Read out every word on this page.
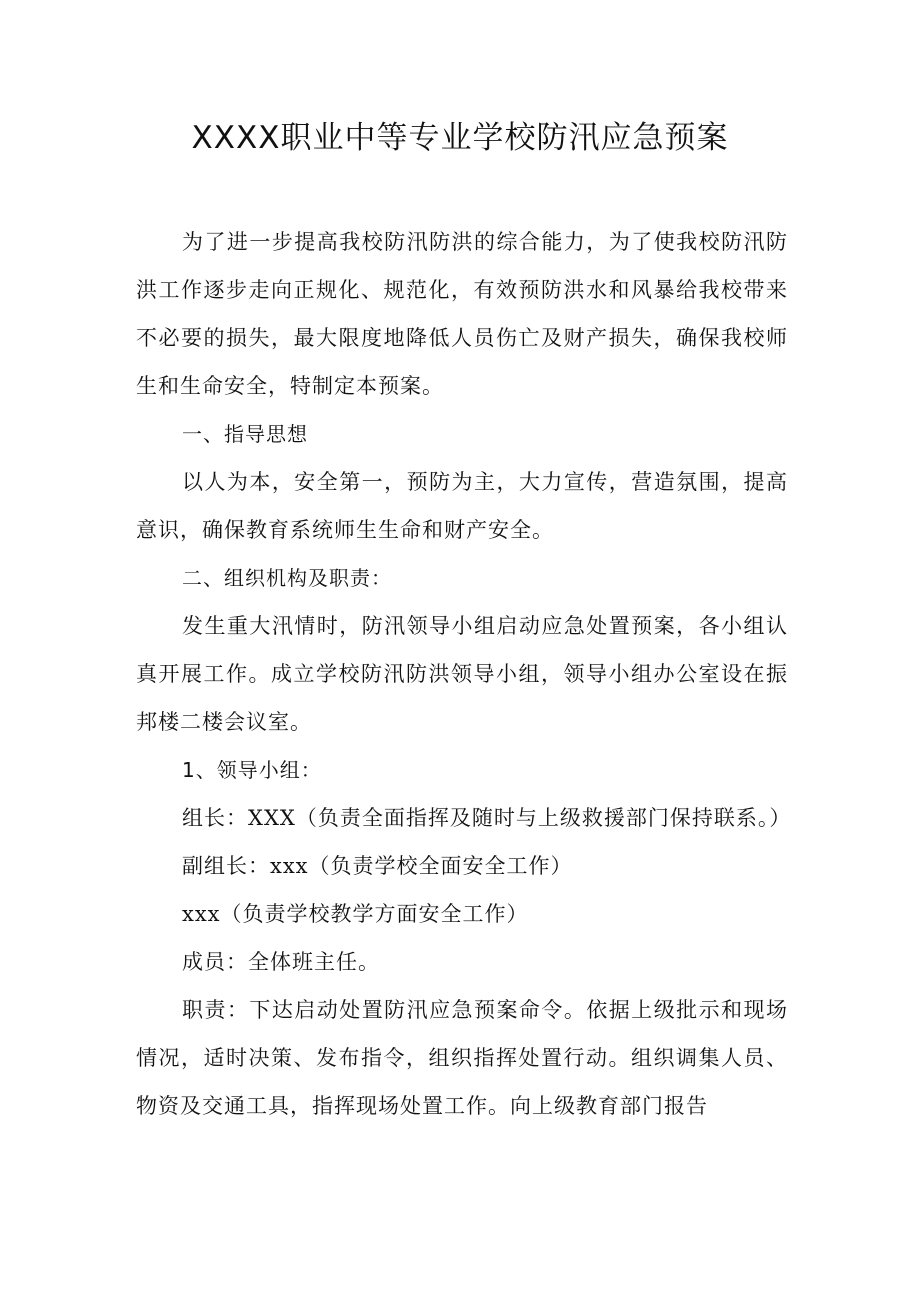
XXXX职业中等专业学校防汛应急预案

为了进一步提高我校防汛防洪的综合能力，为了使我校防汛防洪工作逐步走向正规化、规范化，有效预防洪水和风暴给我校带来不必要的损失，最大限度地降低人员伤亡及财产损失，确保我校师生和生命安全，特制定本预案。

一、指导思想

以人为本，安全第一，预防为主，大力宣传，营造氛围，提高意识，确保教育系统师生生命和财产安全。

二、组织机构及职责：

发生重大汛情时，防汛领导小组启动应急处置预案，各小组认真开展工作。成立学校防汛防洪领导小组，领导小组办公室设在振邦楼二楼会议室。

1、领导小组：

组长：XXX（负责全面指挥及随时与上级救援部门保持联系。）

副组长：xxx（负责学校全面安全工作）

xxx（负责学校教学方面安全工作）

成员：全体班主任。

职责：下达启动处置防汛应急预案命令。依据上级批示和现场情况，适时决策、发布指令，组织指挥处置行动。组织调集人员、物资及交通工具，指挥现场处置工作。向上级教育部门报告
